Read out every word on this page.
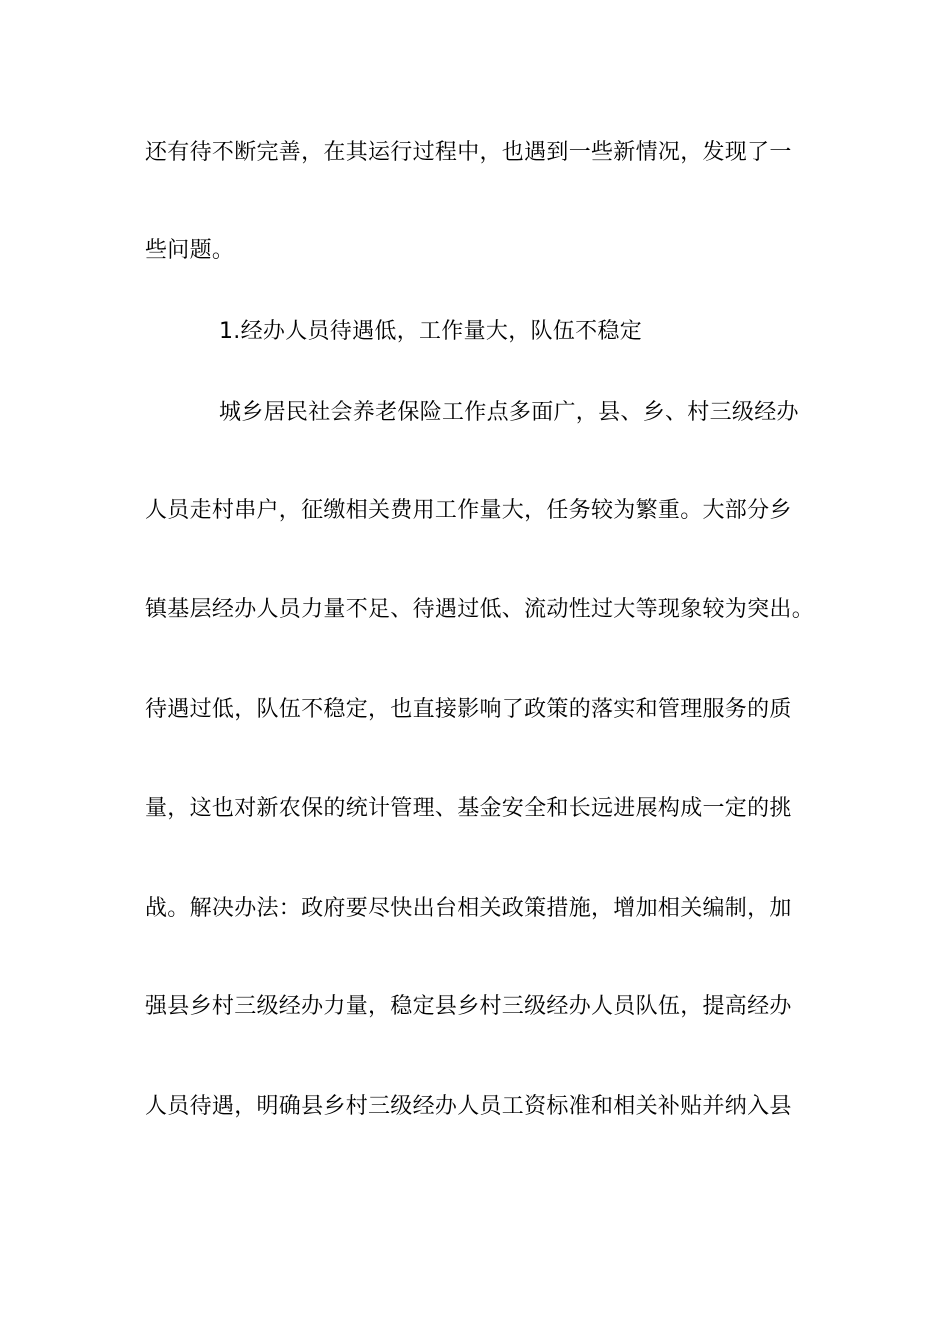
还有待不断完善，在其运行过程中，也遇到一些新情况，发现了一
些问题。
1.经办人员待遇低，工作量大，队伍不稳定
城乡居民社会养老保险工作点多面广，县、乡、村三级经办
人员走村串户，征缴相关费用工作量大，任务较为繁重。大部分乡
镇基层经办人员力量不足、待遇过低、流动性过大等现象较为突出。
待遇过低，队伍不稳定，也直接影响了政策的落实和管理服务的质
量，这也对新农保的统计管理、基金安全和长远进展构成一定的挑
战。解决办法：政府要尽快出台相关政策措施，增加相关编制，加
强县乡村三级经办力量，稳定县乡村三级经办人员队伍，提高经办
人员待遇，明确县乡村三级经办人员工资标准和相关补贴并纳入县
